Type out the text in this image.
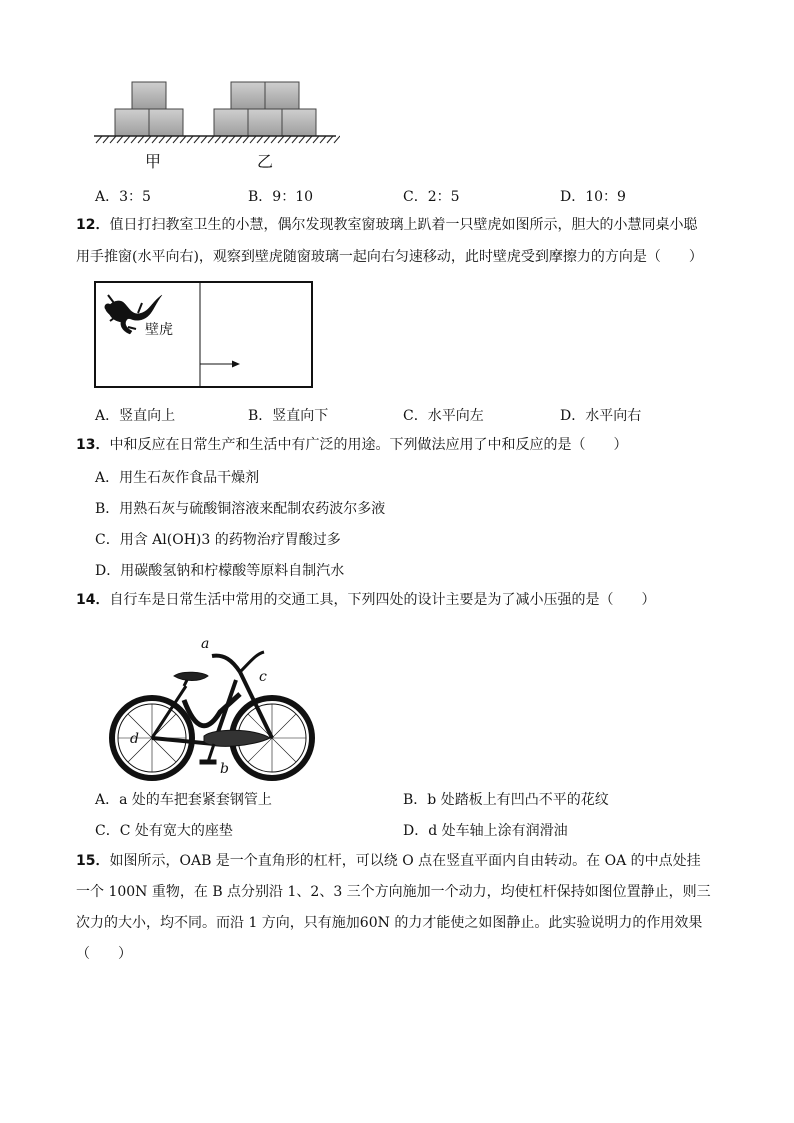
甲	乙
A．3：5	B．9：10	C．2：5	D．10：9
12．值日打扫教室卫生的小慧，偶尔发现教室窗玻璃上趴着一只壁虎如图所示，胆大的小慧同桌小聪
用手推窗(水平向右)，观察到壁虎随窗玻璃一起向右匀速移动，此时壁虎受到摩擦力的方向是（　　）
壁虎
A．竖直向上	B．竖直向下	C．水平向左	D．水平向右
13．中和反应在日常生产和生活中有广泛的用途。下列做法应用了中和反应的是（　　）
A．用生石灰作食品干燥剂
B．用熟石灰与硫酸铜溶液来配制农药波尔多液
C．用含 Al(OH)3 的药物治疗胃酸过多
D．用碳酸氢钠和柠檬酸等原料自制汽水
14．自行车是日常生活中常用的交通工具，下列四处的设计主要是为了减小压强的是（　　）
a
c
d
b
A．a 处的车把套紧套钢管上	B．b 处踏板上有凹凸不平的花纹
C．C 处有宽大的座垫	D．d 处车轴上涂有润滑油
15．如图所示，OAB 是一个直角形的杠杆，可以绕 O 点在竖直平面内自由转动。在 OA 的中点处挂
一个 100N 重物，在 B 点分别沿 1、2、3 三个方向施加一个动力，均使杠杆保持如图位置静止，则三
次力的大小，均不同。而沿 1 方向，只有施加60N 的力才能使之如图静止。此实验说明力的作用效果
（　　）
